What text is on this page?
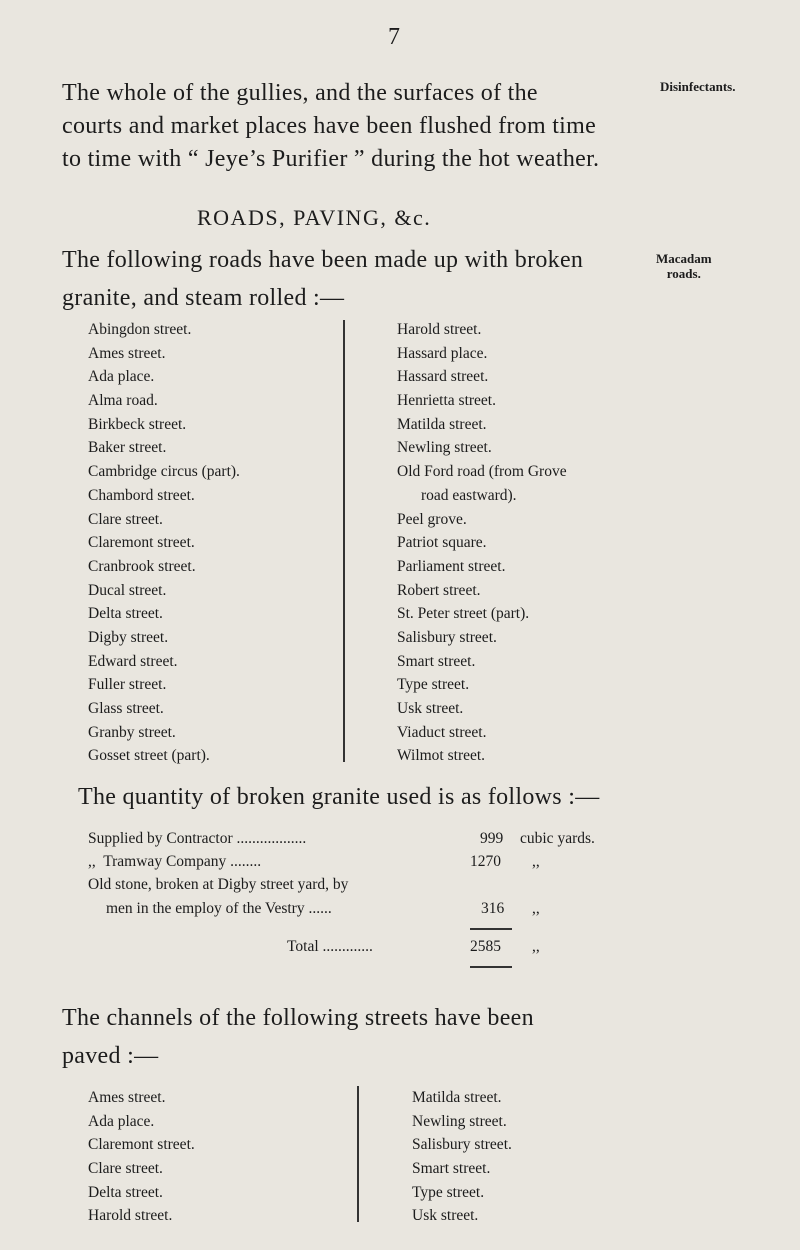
7
The whole of the gullies, and the surfaces of the
courts and market places have been flushed from time
to time with “ Jeye’s Purifier ” during the hot weather.
Disinfectants.
ROADS, PAVING, &c.
The following roads have been made up with broken
granite, and steam rolled :—
Macadam
roads.
Abingdon street.
Ames street.
Ada place.
Alma road.
Birkbeck street.
Baker street.
Cambridge circus (part).
Chambord street.
Clare street.
Claremont street.
Cranbrook street.
Ducal street.
Delta street.
Digby street.
Edward street.
Fuller street.
Glass street.
Granby street.
Gosset street (part).
Harold street.
Hassard place.
Hassard street.
Henrietta street.
Matilda street.
Newling street.
Old Ford road (from Grove
road eastward).
Peel grove.
Patriot square.
Parliament street.
Robert street.
St. Peter street (part).
Salisbury street.
Smart street.
Type street.
Usk street.
Viaduct street.
Wilmot street.
The quantity of broken granite used is as follows :—
Supplied by Contractor ..................	999 cubic yards.
,,  Tramway Company ........	1270 ,,
Old stone, broken at Digby street yard, by
men in the employ of the Vestry ......	316 ,,
Total .............	2585 ,,
The channels of the following streets have been
paved :—
Ames street.
Ada place.
Claremont street.
Clare street.
Delta street.
Harold street.
Matilda street.
Newling street.
Salisbury street.
Smart street.
Type street.
Usk street.
